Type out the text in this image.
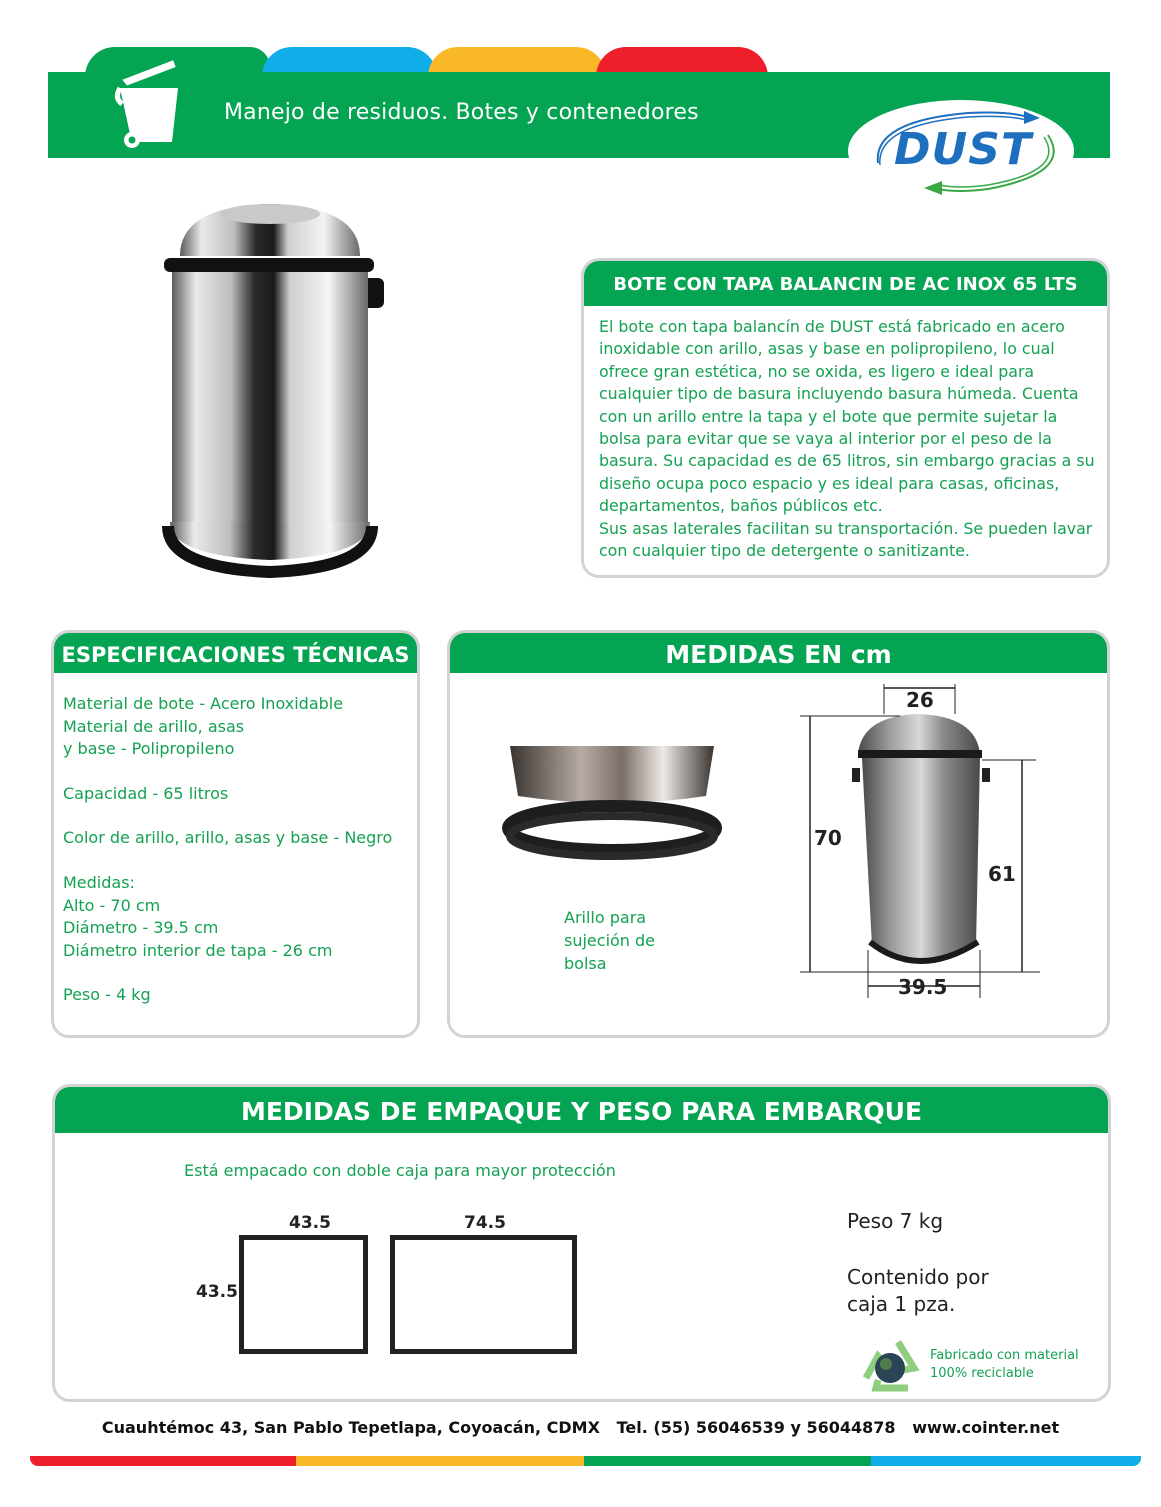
Manejo de residuos. Botes y contenedores
DUST
BOTE CON TAPA BALANCIN DE AC INOX 65 LTS
El bote con tapa balancín de DUST está fabricado en acero inoxidable con arillo, asas y base en polipropileno, lo cual ofrece gran estética, no se oxida, es ligero e ideal para cualquier tipo de basura incluyendo basura húmeda. Cuenta con un arillo entre la tapa y el bote que permite sujetar la bolsa para evitar que se vaya al interior por el peso de la basura. Su capacidad es de 65 litros, sin embargo gracias a su diseño ocupa poco espacio y es ideal para casas, oficinas, departamentos, baños públicos etc.
Sus asas laterales facilitan su transportación. Se pueden lavar con cualquier tipo de detergente o sanitizante.
ESPECIFICACIONES TÉCNICAS
Material de bote - Acero Inoxidable
Material de arillo, asas
y base - Polipropileno
Capacidad - 65 litros
Color de arillo, arillo, asas y base - Negro
Medidas:
Alto - 70 cm
Diámetro - 39.5 cm
Diámetro interior de tapa - 26 cm
Peso - 4 kg
MEDIDAS EN cm
Arillo para
sujeción de
bolsa
26
70
61
39.5
MEDIDAS DE EMPAQUE Y PESO PARA EMBARQUE
Está empacado con doble caja para mayor protección
43.5
43.5
74.5	Peso 7 kg
Contenido por
caja 1 pza.
Fabricado con material
100% reciclable
Cuauhtémoc 43, San Pablo Tepetlapa, Coyoacán, CDMX   Tel. (55) 56046539 y 56044878   www.cointer.net
